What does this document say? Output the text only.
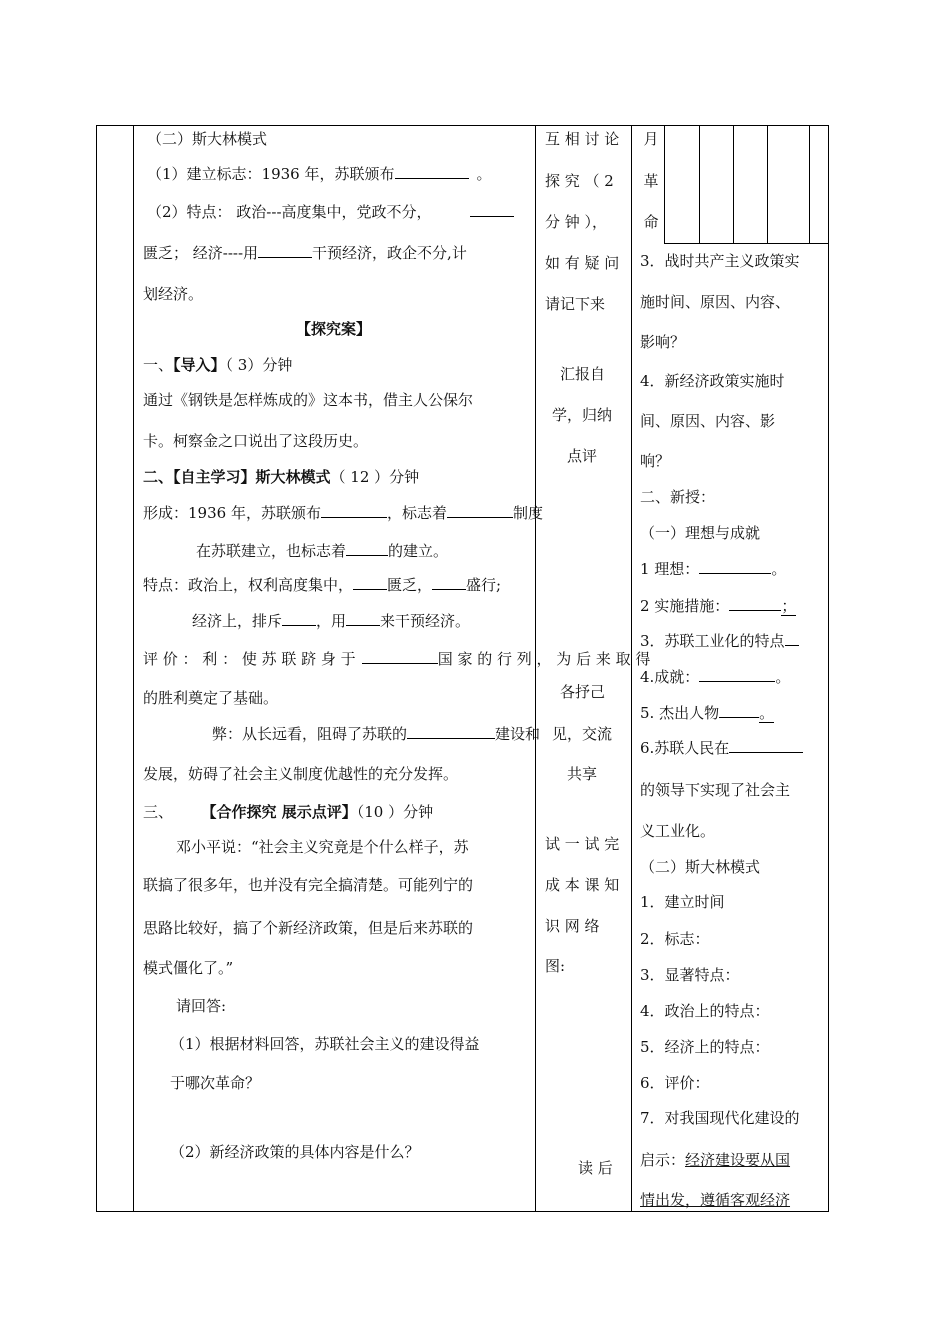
（二）斯大林模式
（1）建立标志：1936 年，苏联颁布	。
（2）特点： 政治---高度集中，党政不分，
匮乏； 经济----用	干预经济，政企不分,计
划经济。
【探究案】
一、【导入】（ 3）分钟
通过《钢铁是怎样炼成的》这本书，借主人公保尔
卡。柯察金之口说出了这段历史。
二、【自主学习】斯大林模式（ 12 ）分钟
形成：1936 年，苏联颁布	，标志着	制度
在苏联建立，也标志着	的建立。
特点：政治上，权利高度集中， 匮乏， 盛行;
经济上，排斥 ，用 来干预经济。
评 价 ： 利 ： 使 苏 联 跻 身 于	国 家 的 行 列 ， 为 后 来 取 得
的胜利奠定了基础。
弊：从长远看，阻碍了苏联的	建设和
发展，妨碍了社会主义制度优越性的充分发挥。
三、 【合作探究 展示点评】（10 ）分钟
邓小平说：“社会主义究竟是个什么样子，苏
联搞了很多年，也并没有完全搞清楚。可能列宁的
思路比较好，搞了个新经济政策，但是后来苏联的
模式僵化了。”
请回答:
（1）根据材料回答，苏联社会主义的建设得益
于哪次革命？
（2）新经济政策的具体内容是什么？
互 相 讨 论
探 究 （ 2
分 钟 ），
如 有 疑 问
请记下来
汇报自
学，归纳
点评
各抒己
见，交流
共享
试 一 试 完
成 本 课 知
识 网 络
图:
读 后
月
革
命
3．战时共产主义政策实
施时间、原因、内容、
影响？
4．新经济政策实施时
间、原因、内容、影
响？
二、新授：
（一）理想与成就
1 理想：	。
2 实施措施：	；
3．苏联工业化的特点
4.成就：	。
5. 杰出人物	。
6.苏联人民在
的领导下实现了社会主
义工业化。
（二）斯大林模式
1．建立时间
2．标志：
3．显著特点：
4．政治上的特点：
5．经济上的特点：
6．评价：
7．对我国现代化建设的
启示：经济建设要从国
情出发，遵循客观经济
